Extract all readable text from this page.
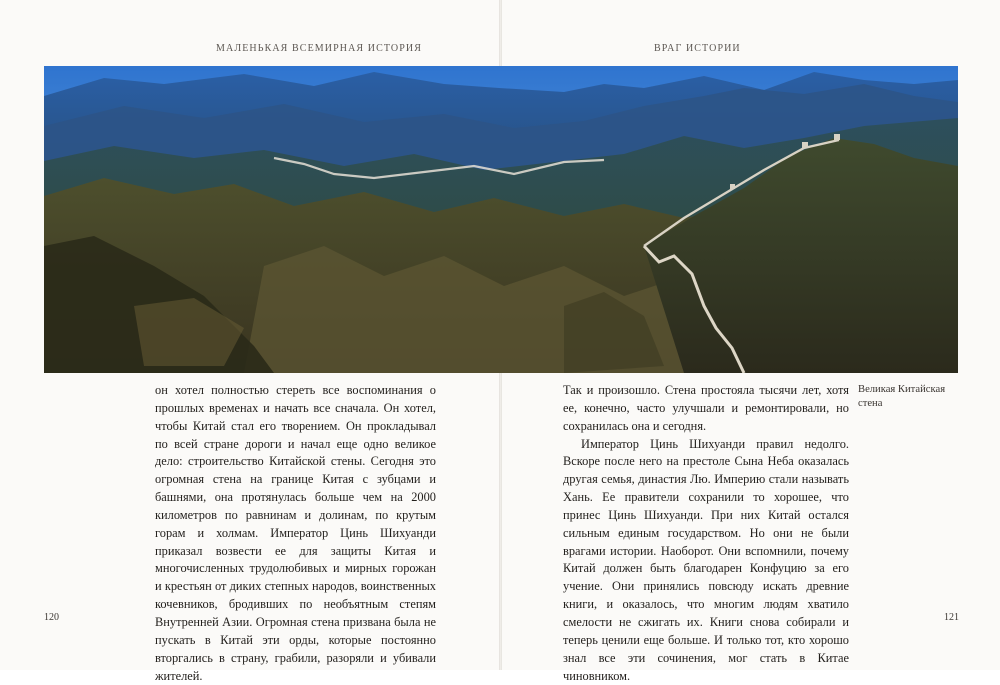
МАЛЕНЬКАЯ ВСЕМИРНАЯ ИСТОРИЯ	ВРАГ ИСТОРИИ

он хотел полностью стереть все воспоминания о прошлых временах и начать все сначала. Он хотел, чтобы Китай стал его творением. Он прокладывал по всей стране дороги и начал еще одно великое дело: строительство Китайской стены. Сегодня это огромная стена на границе Китая с зубцами и башнями, она протянулась больше чем на 2000 километров по равнинам и долинам, по крутым горам и холмам. Император Цинь Шихуанди приказал возвести ее для защиты Китая и многочисленных трудолюбивых и мирных горожан и крестьян от диких степных народов, воинственных кочевников, бродивших по необъятным степям Внутренней Азии. Огромная стена призвана была не пускать в Китай эти орды, которые постоянно вторгались в страну, грабили, разоряли и убивали жителей.

Так и произошло. Стена простояла тысячи лет, хотя ее, конечно, часто улучшали и ремонтировали, но сохранилась она и сегодня.

Император Цинь Шихуанди правил недолго. Вскоре после него на престоле Сына Неба оказалась другая семья, династия Лю. Империю стали называть Хань. Ее правители сохранили то хорошее, что принес Цинь Шихуанди. При них Китай остался сильным единым государством. Но они не были врагами истории. Наоборот. Они вспомнили, почему Китай должен быть благодарен Конфуцию за его учение. Они принялись повсюду искать древние книги, и оказалось, что многим людям хватило смелости не сжигать их. Книги снова собирали и теперь ценили еще больше. И только тот, кто хорошо знал все эти сочинения, мог стать в Китае чиновником.

Великая Китайская стена
120	121
